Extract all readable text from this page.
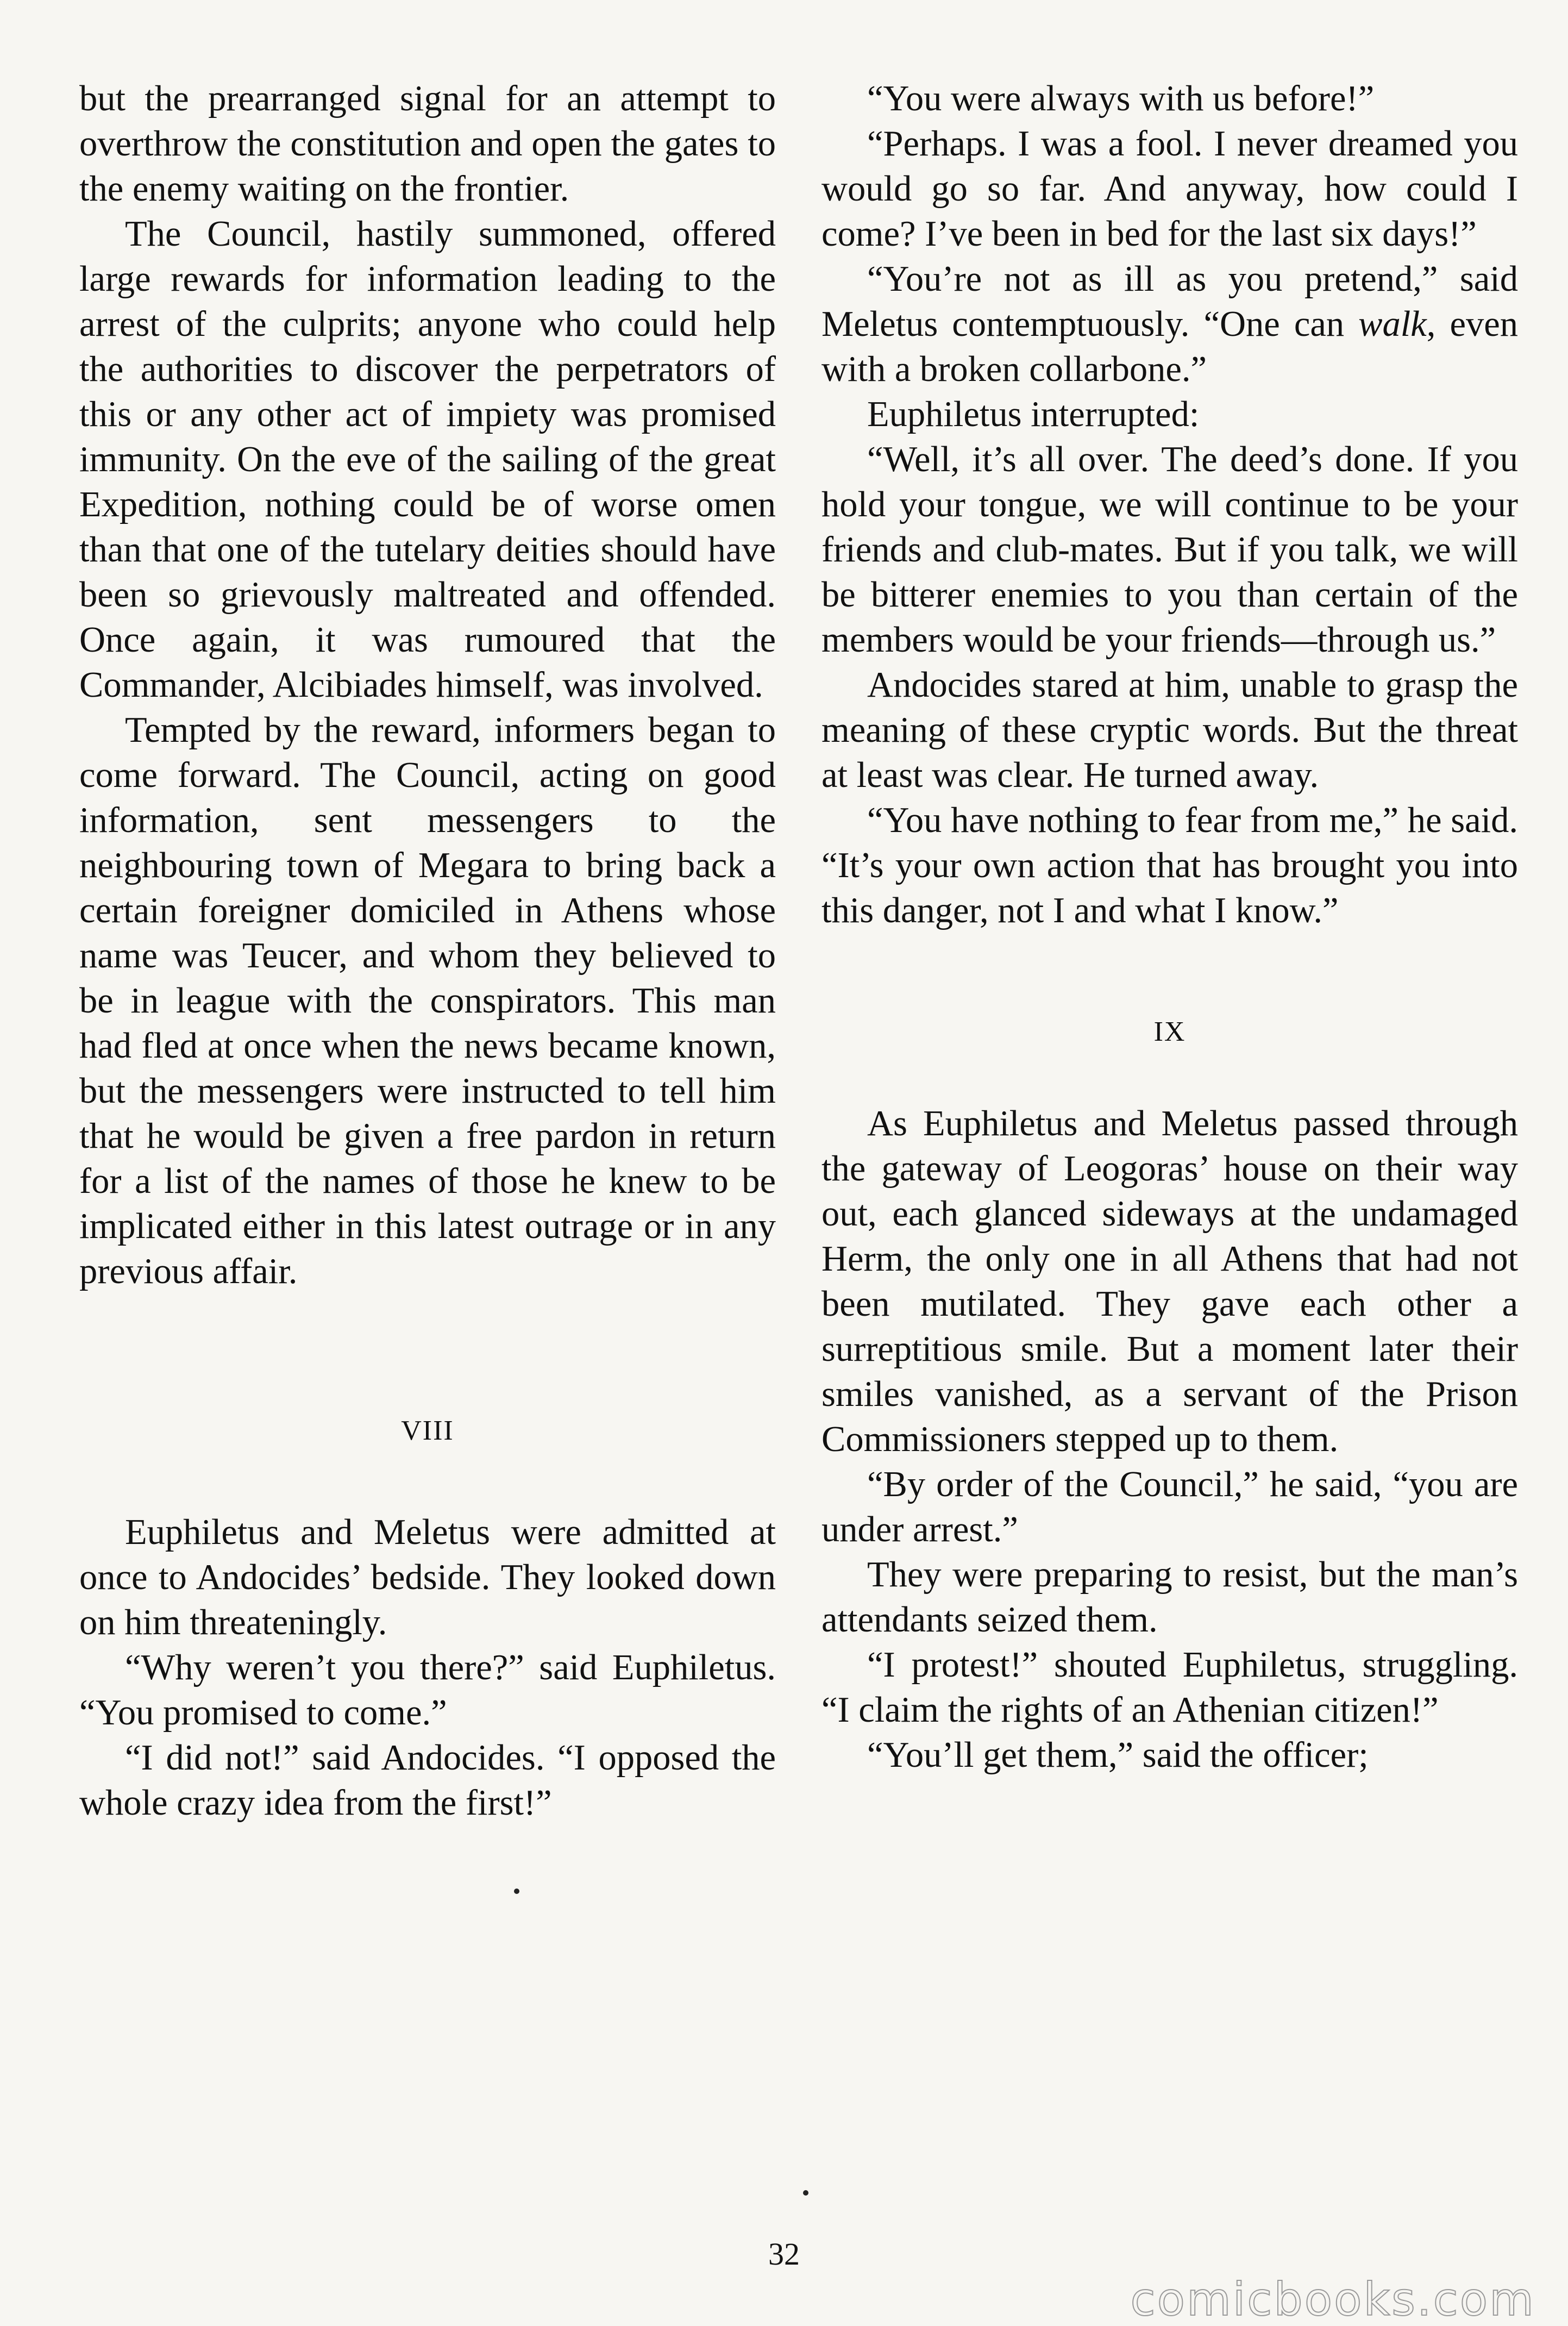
but the prearranged signal for an attempt to overthrow the constitution and open the gates to the enemy waiting on the frontier.

The Council, hastily summoned, offered large rewards for information leading to the arrest of the culprits; anyone who could help the authorities to discover the perpetrators of this or any other act of impiety was promised immunity. On the eve of the sailing of the great Expedition, nothing could be of worse omen than that one of the tutelary deities should have been so grievously maltreated and offended. Once again, it was rumoured that the Commander, Alcibiades himself, was involved.

Tempted by the reward, informers began to come forward. The Council, acting on good information, sent messengers to the neighbouring town of Megara to bring back a certain foreigner domiciled in Athens whose name was Teucer, and whom they believed to be in league with the conspirators. This man had fled at once when the news became known, but the messengers were instructed to tell him that he would be given a free pardon in return for a list of the names of those he knew to be implicated either in this latest outrage or in any previous affair.

VIII

Euphiletus and Meletus were admitted at once to Andocides’ bedside. They looked down on him threateningly.

“Why weren’t you there?” said Euphiletus. “You promised to come.”

“I did not!” said Andocides. “I opposed the whole crazy idea from the first!”

“You were always with us before!”

“Perhaps. I was a fool. I never dreamed you would go so far. And anyway, how could I come? I’ve been in bed for the last six days!”

“You’re not as ill as you pretend,” said Meletus contemptuously. “One can walk, even with a broken collarbone.”

Euphiletus interrupted:

“Well, it’s all over. The deed’s done. If you hold your tongue, we will continue to be your friends and club-mates. But if you talk, we will be bitterer enemies to you than certain of the members would be your friends—through us.”

Andocides stared at him, unable to grasp the meaning of these cryptic words. But the threat at least was clear. He turned away.

“You have nothing to fear from me,” he said. “It’s your own action that has brought you into this danger, not I and what I know.”

IX

As Euphiletus and Meletus passed through the gateway of Leogoras’ house on their way out, each glanced sideways at the undamaged Herm, the only one in all Athens that had not been mutilated. They gave each other a surreptitious smile. But a moment later their smiles vanished, as a servant of the Prison Commissioners stepped up to them.

“By order of the Council,” he said, “you are under arrest.”

They were preparing to resist, but the man’s attendants seized them.

“I protest!” shouted Euphiletus, struggling. “I claim the rights of an Athenian citizen!”

“You’ll get them,” said the officer;

32
comicbooks.com
